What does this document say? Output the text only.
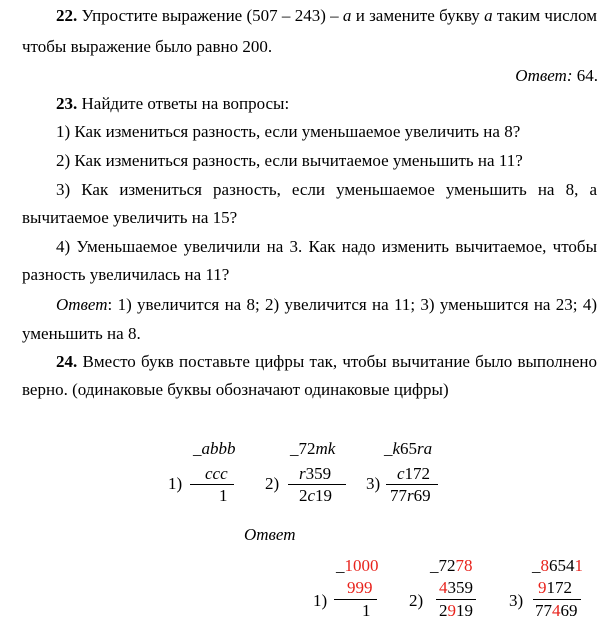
22. Упростите выражение (507 – 243) – a и замените букву a таким числом
чтобы выражение было равно 200.
Ответ: 64.
23. Найдите ответы на вопросы:
1) Как измениться разность, если уменьшаемое увеличить на 8?
2) Как измениться разность, если вычитаемое уменьшить на 11?
3) Как измениться разность, если уменьшаемое уменьшить на 8, а
вычитаемое увеличить на 15?
4) Уменьшаемое увеличили на 3. Как надо изменить вычитаемое, чтобы
разность увеличилась на 11?
Ответ: 1) увеличится на 8; 2) увеличится на 11; 3) уменьшится на 23; 4)
уменьшить на 8.
24. Вместо букв поставьте цифры так, чтобы вычитание было выполнено
верно. (одинаковые буквы обозначают одинаковые цифры)
_abbb
1)
ccc
1
_72mk
2)
r359
2c19
_k65ra
3)
c172
77r69
Ответ
_1000
1)
999
1
_7278
2)
4359
2919
_86541
3)
9172
77469
